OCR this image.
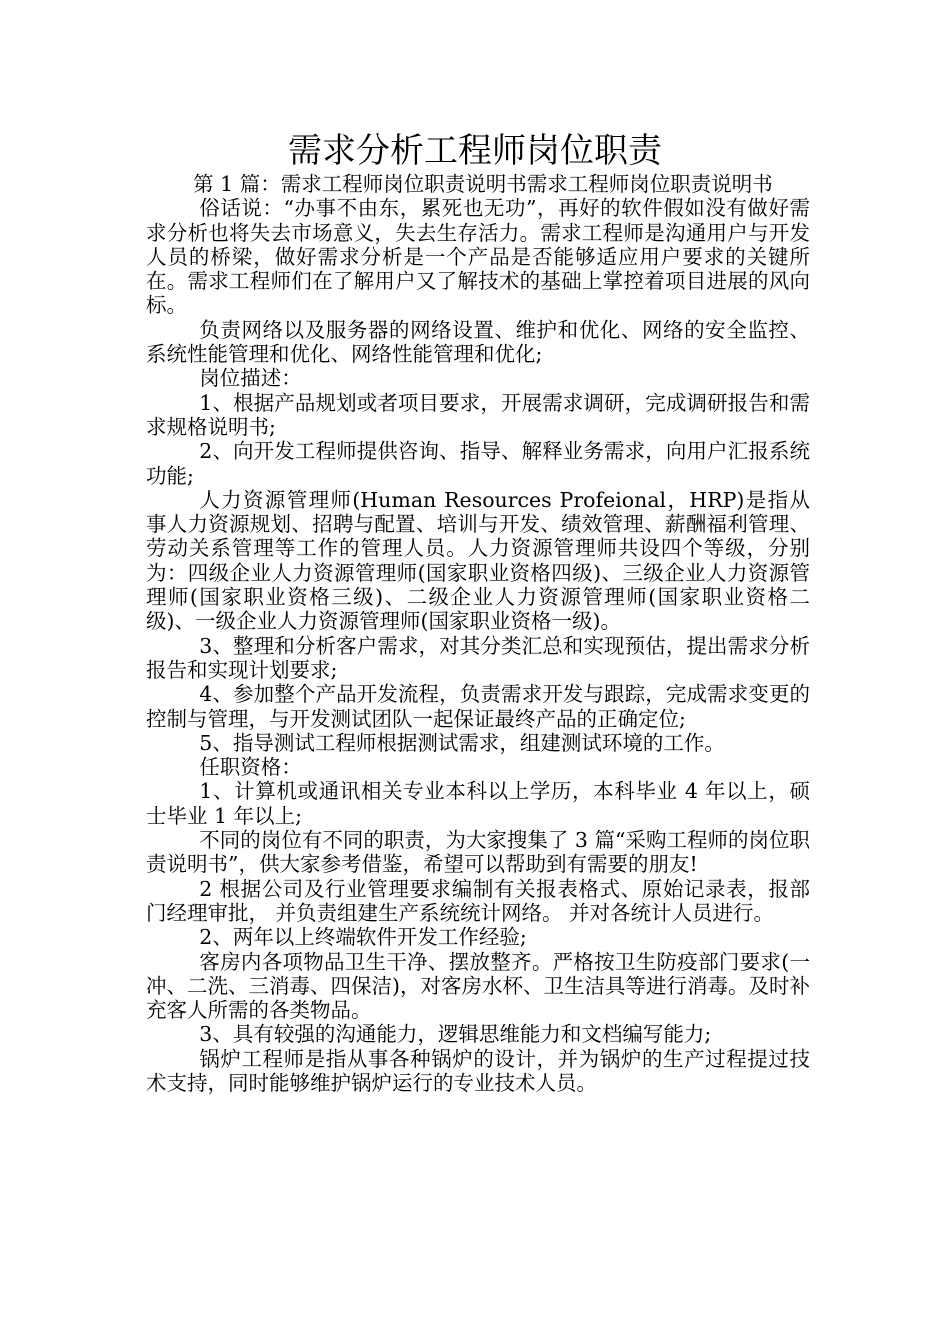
需求分析工程师岗位职责

第 1 篇：需求工程师岗位职责说明书需求工程师岗位职责说明书

俗话说：“办事不由东，累死也无功”，再好的软件假如没有做好需求分析也将失去市场意义，失去生存活力。需求工程师是沟通用户与开发人员的桥梁，做好需求分析是一个产品是否能够适应用户要求的关键所在。需求工程师们在了解用户又了解技术的基础上掌控着项目进展的风向标。

负责网络以及服务器的网络设置、维护和优化、网络的安全监控、系统性能管理和优化、网络性能管理和优化;

岗位描述：

1、根据产品规划或者项目要求，开展需求调研，完成调研报告和需求规格说明书;

2、向开发工程师提供咨询、指导、解释业务需求，向用户汇报系统功能;

人力资源管理师(Human Resources Profeional，HRP)是指从事人力资源规划、招聘与配置、培训与开发、绩效管理、薪酬福利管理、劳动关系管理等工作的管理人员。人力资源管理师共设四个等级，分别为：四级企业人力资源管理师(国家职业资格四级)、三级企业人力资源管理师(国家职业资格三级)、二级企业人力资源管理师(国家职业资格二级)、一级企业人力资源管理师(国家职业资格一级)。

3、整理和分析客户需求，对其分类汇总和实现预估，提出需求分析报告和实现计划要求;

4、参加整个产品开发流程，负责需求开发与跟踪，完成需求变更的控制与管理，与开发测试团队一起保证最终产品的正确定位;

5、指导测试工程师根据测试需求，组建测试环境的工作。

任职资格：

1、计算机或通讯相关专业本科以上学历，本科毕业 4 年以上，硕士毕业 1 年以上;

不同的岗位有不同的职责，为大家搜集了 3 篇“采购工程师的岗位职责说明书”，供大家参考借鉴，希望可以帮助到有需要的朋友!

2 根据公司及行业管理要求编制有关报表格式、原始记录表，报部门经理审批， 并负责组建生产系统统计网络。 并对各统计人员进行。

2、两年以上终端软件开发工作经验;

客房内各项物品卫生干净、摆放整齐。严格按卫生防疫部门要求(一冲、二洗、三消毒、四保洁)，对客房水杯、卫生洁具等进行消毒。及时补充客人所需的各类物品。

3、具有较强的沟通能力，逻辑思维能力和文档编写能力;

锅炉工程师是指从事各种锅炉的设计，并为锅炉的生产过程提过技术支持，同时能够维护锅炉运行的专业技术人员。
